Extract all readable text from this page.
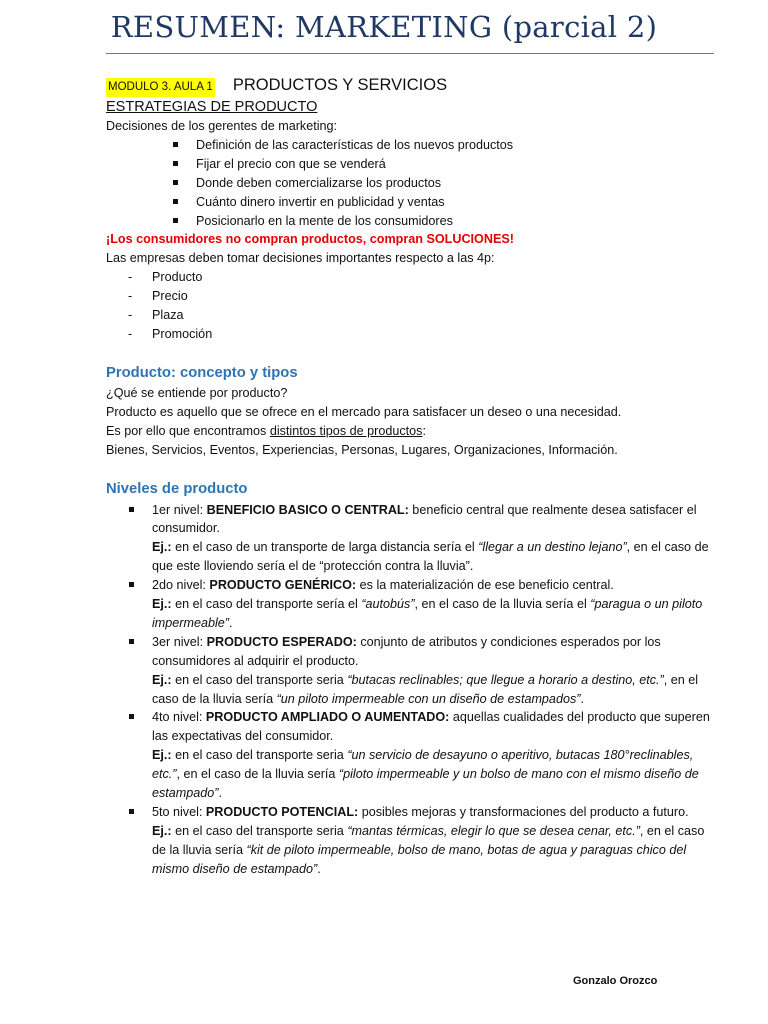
RESUMEN: MARKETING (parcial 2)
MODULO 3. AULA 1 PRODUCTOS Y SERVICIOS
ESTRATEGIAS DE PRODUCTO
Decisiones de los gerentes de marketing:
Definición de las características de los nuevos productos
Fijar el precio con que se venderá
Donde deben comercializarse los productos
Cuánto dinero invertir en publicidad y ventas
Posicionarlo en la mente de los consumidores
¡Los consumidores no compran productos, compran SOLUCIONES!
Las empresas deben tomar decisiones importantes respecto a las 4p:
- Producto
- Precio
- Plaza
- Promoción
Producto: concepto y tipos
¿Qué se entiende por producto?
Producto es aquello que se ofrece en el mercado para satisfacer un deseo o una necesidad.
Es por ello que encontramos distintos tipos de productos:
Bienes, Servicios, Eventos, Experiencias, Personas, Lugares, Organizaciones, Información.
Niveles de producto
1er nivel: BENEFICIO BASICO O CENTRAL: beneficio central que realmente desea satisfacer el consumidor.
Ej.: en el caso de un transporte de larga distancia sería el “llegar a un destino lejano”, en el caso de que este lloviendo sería el de “protección contra la lluvia”.
2do nivel: PRODUCTO GENÉRICO: es la materialización de ese beneficio central.
Ej.: en el caso del transporte sería el “autobús”, en el caso de la lluvia sería el “paragua o un piloto impermeable”.
3er nivel: PRODUCTO ESPERADO: conjunto de atributos y condiciones esperados por los consumidores al adquirir el producto.
Ej.: en el caso del transporte seria “butacas reclinables; que llegue a horario a destino, etc.”, en el caso de la lluvia sería “un piloto impermeable con un diseño de estampados”.
4to nivel: PRODUCTO AMPLIADO O AUMENTADO: aquellas cualidades del producto que superen las expectativas del consumidor.
Ej.: en el caso del transporte seria “un servicio de desayuno o aperitivo, butacas 180°reclinables, etc.”, en el caso de la lluvia sería “piloto impermeable y un bolso de mano con el mismo diseño de estampado”.
5to nivel: PRODUCTO POTENCIAL: posibles mejoras y transformaciones del producto a futuro.
Ej.: en el caso del transporte seria “mantas térmicas, elegir lo que se desea cenar, etc.”, en el caso de la lluvia sería “kit de piloto impermeable, bolso de mano, botas de agua y paraguas chico del mismo diseño de estampado”.
Gonzalo Orozco
